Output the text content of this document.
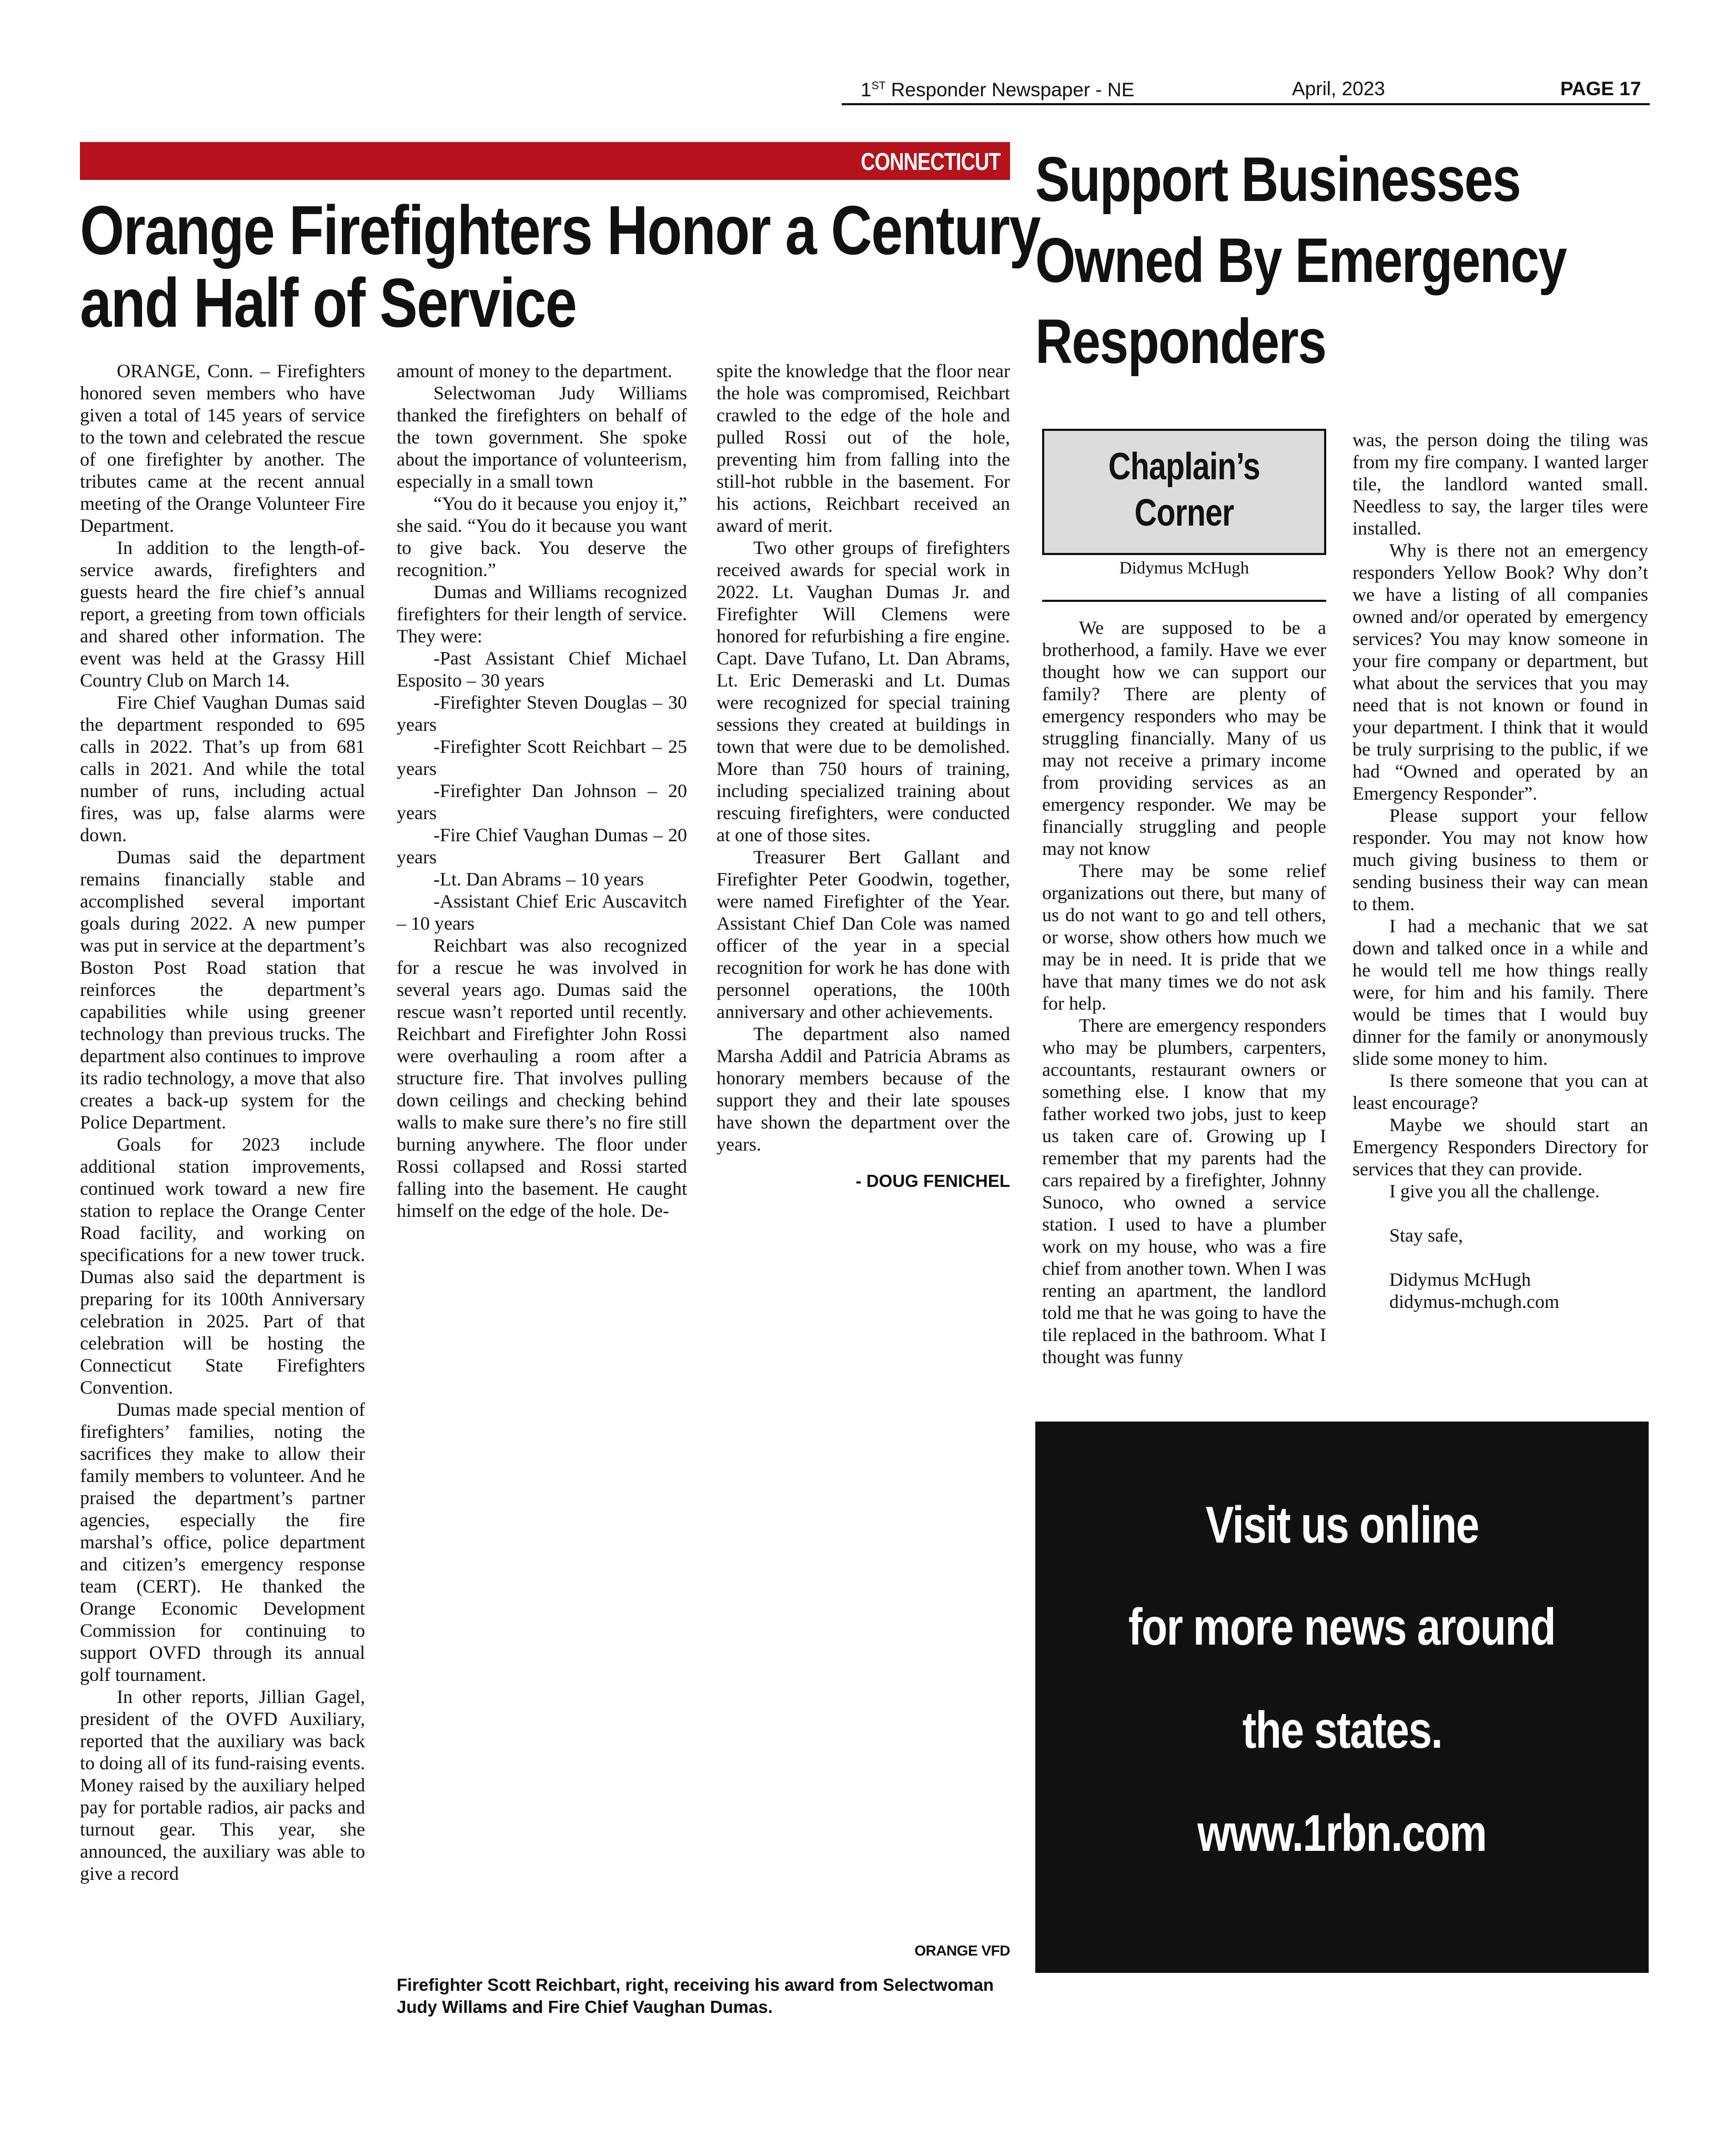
1ST Responder Newspaper - NE	April, 2023	PAGE 17
CONNECTICUT
Orange Firefighters Honor a Century
and Half of Service

ORANGE, Conn. – Firefighters honored seven members who have given a total of 145 years of service to the town and celebrated the rescue of one firefighter by another. The tributes came at the recent annual meeting of the Orange Volunteer Fire Department.

In addition to the length-of-service awards, firefighters and guests heard the fire chief’s annual report, a greeting from town officials and shared other information. The event was held at the Grassy Hill Country Club on March 14.

Fire Chief Vaughan Dumas said the department responded to 695 calls in 2022. That’s up from 681 calls in 2021. And while the total number of runs, including actual fires, was up, false alarms were down.

Dumas said the department remains financially stable and accomplished several important goals during 2022. A new pumper was put in service at the department’s Boston Post Road station that reinforces the department’s capabilities while using greener technology than previous trucks. The department also continues to improve its radio technology, a move that also creates a back-up system for the Police Department.

Goals for 2023 include additional station improvements, continued work toward a new fire station to replace the Orange Center Road facility, and working on specifications for a new tower truck. Dumas also said the department is preparing for its 100th Anniversary celebration in 2025. Part of that celebration will be hosting the Connecticut State Firefighters Convention.

Dumas made special mention of firefighters’ families, noting the sacrifices they make to allow their family members to volunteer. And he praised the department’s partner agencies, especially the fire marshal’s office, police department and citizen’s emergency response team (CERT). He thanked the Orange Economic Development Commission for continuing to support OVFD through its annual golf tournament.

In other reports, Jillian Gagel, president of the OVFD Auxiliary, reported that the auxiliary was back to doing all of its fund-raising events. Money raised by the auxiliary helped pay for portable radios, air packs and turnout gear. This year, she announced, the auxiliary was able to give a record

amount of money to the department.

Selectwoman Judy Williams thanked the firefighters on behalf of the town government. She spoke about the importance of volunteerism, especially in a small town

“You do it because you enjoy it,” she said. “You do it because you want to give back. You deserve the recognition.”

Dumas and Williams recognized firefighters for their length of service. They were:

-Past Assistant Chief Michael Esposito – 30 years

-Firefighter Steven Douglas – 30 years

-Firefighter Scott Reichbart – 25 years

-Firefighter Dan Johnson – 20 years

-Fire Chief Vaughan Dumas – 20 years

-Lt. Dan Abrams – 10 years

-Assistant Chief Eric Auscavitch – 10 years

Reichbart was also recognized for a rescue he was involved in several years ago. Dumas said the rescue wasn’t reported until recently. Reichbart and Firefighter John Rossi were overhauling a room after a structure fire. That involves pulling down ceilings and checking behind walls to make sure there’s no fire still burning anywhere. The floor under Rossi collapsed and Rossi started falling into the basement. He caught himself on the edge of the hole. De-

spite the knowledge that the floor near the hole was compromised, Reichbart crawled to the edge of the hole and pulled Rossi out of the hole, preventing him from falling into the still-hot rubble in the basement. For his actions, Reichbart received an award of merit.

Two other groups of firefighters received awards for special work in 2022. Lt. Vaughan Dumas Jr. and Firefighter Will Clemens were honored for refurbishing a fire engine. Capt. Dave Tufano, Lt. Dan Abrams, Lt. Eric Demeraski and Lt. Dumas were recognized for special training sessions they created at buildings in town that were due to be demolished. More than 750 hours of training, including specialized training about rescuing firefighters, were conducted at one of those sites.

Treasurer Bert Gallant and Firefighter Peter Goodwin, together, were named Firefighter of the Year. Assistant Chief Dan Cole was named officer of the year in a special recognition for work he has done with personnel operations, the 100th anniversary and other achievements.

The department also named Marsha Addil and Patricia Abrams as honorary members because of the support they and their late spouses have shown the department over the years.

- DOUG FENICHEL
ORANGE VFD
Firefighter Scott Reichbart, right, receiving his award from Selectwoman Judy Willams and Fire Chief Vaughan Dumas.
Support Businesses
Owned By Emergency
Responders
Chaplain’s
Corner
Didymus McHugh

We are supposed to be a brotherhood, a family. Have we ever thought how we can support our family? There are plenty of emergency responders who may be struggling financially. Many of us may not receive a primary income from providing services as an emergency responder. We may be financially struggling and people may not know

There may be some relief organizations out there, but many of us do not want to go and tell others, or worse, show others how much we may be in need. It is pride that we have that many times we do not ask for help.

There are emergency responders who may be plumbers, carpenters, accountants, restaurant owners or something else. I know that my father worked two jobs, just to keep us taken care of. Growing up I remember that my parents had the cars repaired by a firefighter, Johnny Sunoco, who owned a service station. I used to have a plumber work on my house, who was a fire chief from another town. When I was renting an apartment, the landlord told me that he was going to have the tile replaced in the bathroom. What I thought was funny

was, the person doing the tiling was from my fire company. I wanted larger tile, the landlord wanted small. Needless to say, the larger tiles were installed.

Why is there not an emergency responders Yellow Book? Why don’t we have a listing of all companies owned and/or operated by emergency services? You may know someone in your fire company or department, but what about the services that you may need that is not known or found in your department. I think that it would be truly surprising to the public, if we had “Owned and operated by an Emergency Responder”.

Please support your fellow responder. You may not know how much giving business to them or sending business their way can mean to them.

I had a mechanic that we sat down and talked once in a while and he would tell me how things really were, for him and his family. There would be times that I would buy dinner for the family or anonymously slide some money to him.

Is there someone that you can at least encourage?

Maybe we should start an Emergency Responders Directory for services that they can provide.

I give you all the challenge.

Stay safe,

Didymus McHugh

didymus-mchugh.com

Visit us online
for more news around
the states.
www.1rbn.com
